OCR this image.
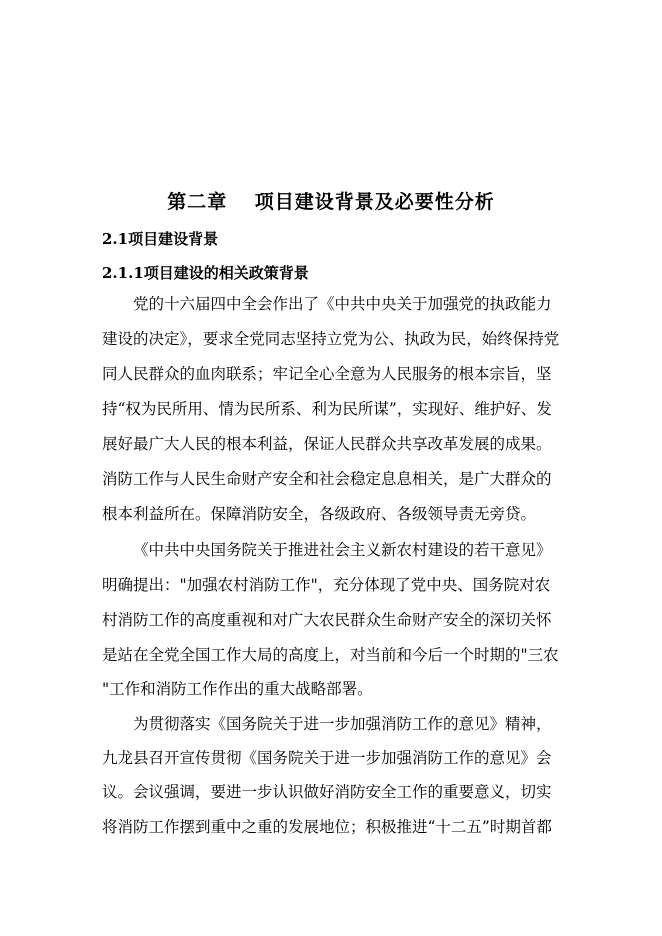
第二章　 项目建设背景及必要性分析
2.1项目建设背景
2.1.1项目建设的相关政策背景
党的十六届四中全会作出了《中共中央关于加强党的执政能力
建设的决定》，要求全党同志坚持立党为公、执政为民，始终保持党
同人民群众的血肉联系；牢记全心全意为人民服务的根本宗旨，坚
持“权为民所用、情为民所系、利为民所谋”，实现好、维护好、发
展好最广大人民的根本利益，保证人民群众共享改革发展的成果。
消防工作与人民生命财产安全和社会稳定息息相关，是广大群众的
根本利益所在。保障消防安全，各级政府、各级领导责无旁贷。
《中共中央国务院关于推进社会主义新农村建设的若干意见》
明确提出："加强农村消防工作"，充分体现了党中央、国务院对农
村消防工作的高度重视和对广大农民群众生命财产安全的深切关怀
是站在全党全国工作大局的高度上，对当前和今后一个时期的"三农
"工作和消防工作作出的重大战略部署。
为贯彻落实《国务院关于进一步加强消防工作的意见》精神，
九龙县召开宣传贯彻《国务院关于进一步加强消防工作的意见》会
议。会议强调，要进一步认识做好消防安全工作的重要意义，切实
将消防工作摆到重中之重的发展地位；积极推进“十二五”时期首都
